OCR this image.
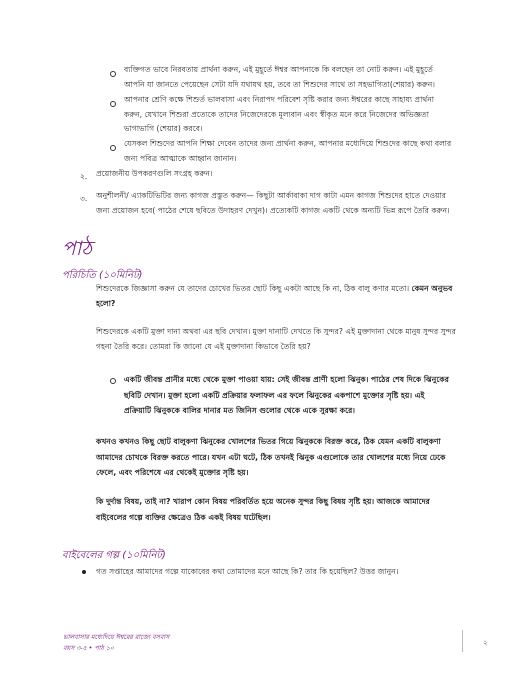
ব্যক্তিগত ভাবে নিরবতায় প্রার্থনা করুন, এই মুহূর্তে ঈশ্বর আপনাকে কি বলছেন তা নোট করুন। এই মুহূর্তে
আপনি যা জানতে পেয়েছেন সেটা যদি যথাযথ হয়, তবে তা শিশুদের সাথে তা সহভাগিতা(শেয়ার) করুন।
আপনার শ্রেণি কক্ষে শিশুর্ত ভালবাসা এবং নিরাপদ পরিবেশ সৃষ্টি করার জন্য ঈশ্বরের কাছে সাহায্য প্রার্থনা
করুন, যেখানে শিশুরা প্রত্যেকে তাদের নিজেদেরকে মূল্যবান এবং স্বীকৃত মনে করে নিজেদের অভিজ্ঞতা
ভাগাভাগি (শেয়ার) করবে।
যেসকল শিশুদের আপনি শিক্ষা দেবেন তাদের জন্য প্রার্থনা করুন, আপনার মধ্যেদিয়ে শিশুদের কাছে কথা বলার
জন্য পবিত্র আত্মাকে আহ্বান জানান।
২. প্রয়োজনীয় উপকরণগুলি সংগ্রহ করুন।
৩. অনুশীলনী/ এ্যাকটিভিটির জন্য কাগজ প্রস্তুত করুন— কিছুটা আর্কাবাকা দাগ কাটা এমন কাগজ শিশুদের হাতে দেওয়ার
জন্য প্রয়োজন হবে( পাঠের শেষে ছবিতে উদাহরণ দেখুন)। প্রত্যেকটি কাগজ একটি থেকে অন্যটি ভিন্ন রূপে তৈরি করুন।
পাঠ
পরিচিতি (১০মিনিট)
শিশুদেরকে জিজ্ঞাসা করুন যে তাদের চোখের ভিতর ছোট কিছু একটা আছে কি না, ঠিক বালু কণার মতো। কেমন অনুভব
হলো?
শিশুদেরকে একটি মুক্তা দানা অথবা এর ছবি দেখান। মুক্তা দানাটি দেখতে কি সুন্দর? এই মুক্তাদানা থেকে মানুষ সুন্দর সুন্দর
গহনা তৈরি করে। তোমরা কি জানো যে এই মুক্তাদানা কিভাবে তৈরি হয়?
একটি জীবন্ত প্রানীর মধ্যে থেকে মুক্তা পাওয়া যায়: সেই জীবন্ত প্রাণী হলো ঝিনুক। পাঠের শেষ দিকে ঝিনুকের
ছবিটি দেখান। মুক্তা হলো একটি প্রক্রিয়ার ফলাফল এর ফলে ঝিনুকের একপাশে মুক্তোর সৃষ্টি হয়। এই
প্রক্রিয়াটি ঝিনুককে বালির দানার মত জিনিস গুলোর থেকে একে সুরক্ষা করে।
কখনও কখনও কিছু ছোট বালুকণা ঝিনুকের খোলশের ভিতর গিয়ে ঝিনুককে বিরক্ত করে, ঠিক যেমন একটি বালুকণা
আমাদের চোখকে বিরক্ত করতে পারে। যখন এটা ঘটে, ঠিক তখনই ঝিনুক এগুলোকে তার খোলশের মধ্যে নিয়ে ঢেকে
ফেলে, এবং পরিশেষে এর থেকেই মুক্তোর সৃষ্টি হয়।
কি দুর্দান্ত বিষয়, তাই না? খারাপ কোন বিষয় পরিবর্তিত হয়ে অনেক সুন্দর কিছু বিষয় সৃষ্টি হয়। আজকে আমাদের
বাইবেলের গল্পে ব্যক্তির ক্ষেত্রেও ঠিক একই বিষয় ঘটেছিল।
বাইবেলের গল্প (১০মিনিট)
গত সপ্তাহের আমাদের গল্পে যাকোবের কথা তোমাদের মনে আছে কি? তার কি হয়েছিল? উত্তর জানুন।
ভালবাসার মধ্যেদিয়ে ঈশ্বরের রাজ্যে বসবাস
বয়স ৩-৫ • পাঠ ১০
২
